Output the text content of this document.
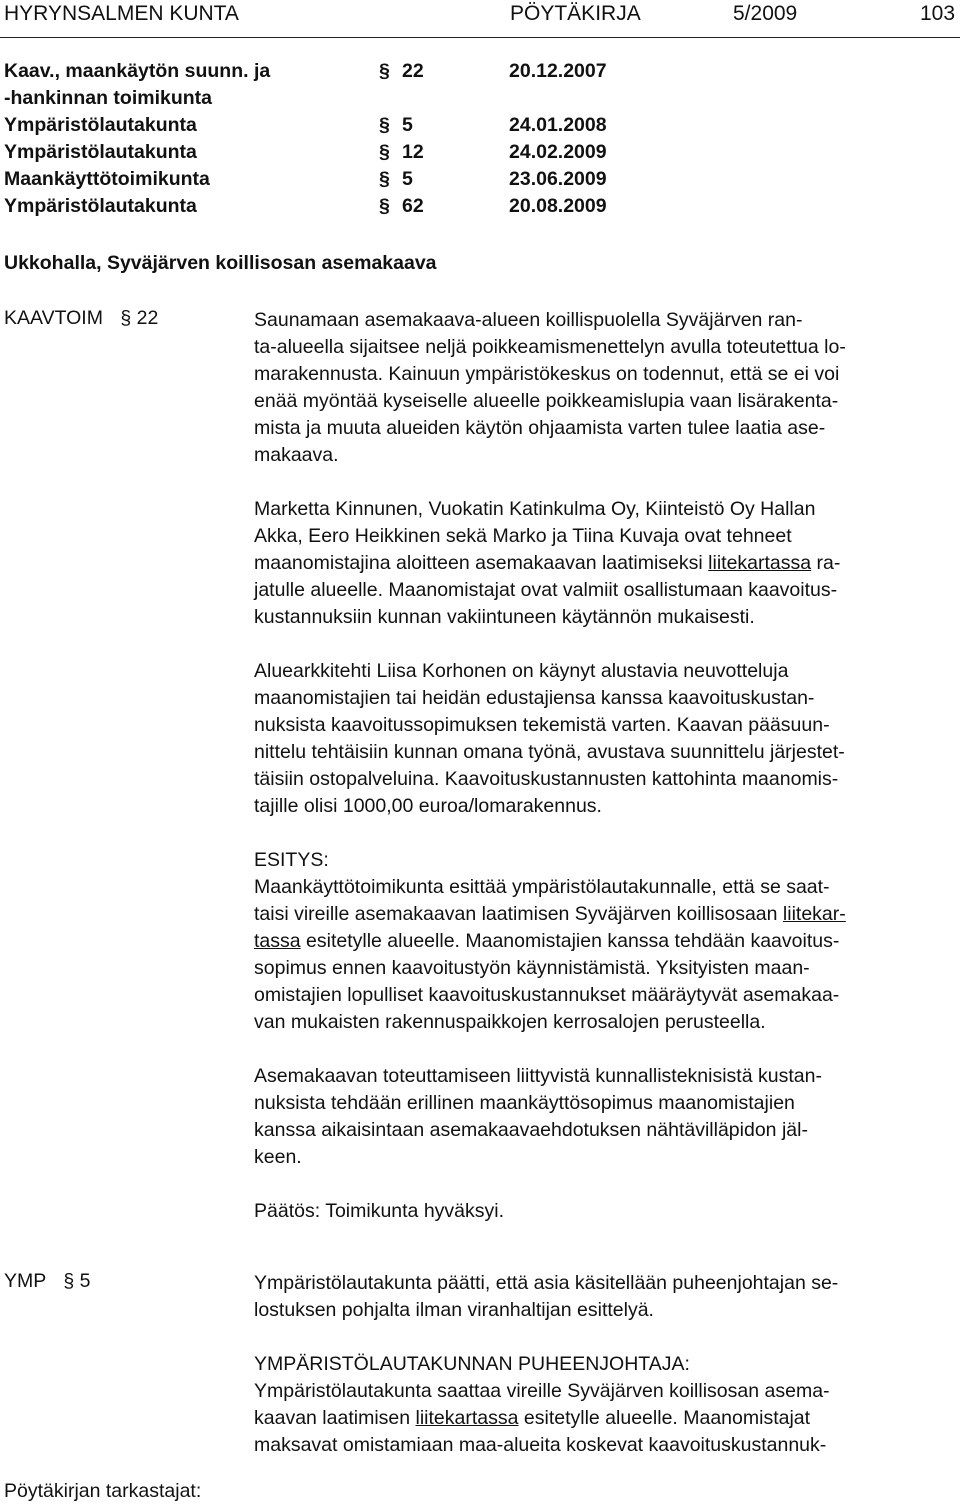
HYRYNSALMEN KUNTA	PÖYTÄKIRJA	5/2009	103
Kaav., maankäytön suunn. ja	§ 22	20.12.2007
-hankinnan toimikunta
Ympäristölautakunta	§ 5	24.01.2008
Ympäristölautakunta	§ 12	24.02.2009
Maankäyttötoimikunta	§ 5	23.06.2009
Ympäristölautakunta	§ 62	20.08.2009
Ukkohalla, Syväjärven koillisosan asemakaava
KAAVTOIM § 22	Saunamaan asemakaava-alueen koillispuolella Syväjärven ran-

ta-alueella sijaitsee neljä poikkeamismenettelyn avulla toteutettua lo-

marakennusta. Kainuun ympäristökeskus on todennut, että se ei voi

enää myöntää kyseiselle alueelle poikkeamislupia vaan lisärakenta-

mista ja muuta alueiden käytön ohjaamista varten tulee laatia ase-

makaava.

Marketta Kinnunen, Vuokatin Katinkulma Oy, Kiinteistö Oy Hallan

Akka, Eero Heikkinen sekä Marko ja Tiina Kuvaja ovat tehneet

maanomistajina aloitteen asemakaavan laatimiseksi liitekartassa ra-

jatulle alueelle. Maanomistajat ovat valmiit osallistumaan kaavoitus-

kustannuksiin kunnan vakiintuneen käytännön mukaisesti.

Aluearkkitehti Liisa Korhonen on käynyt alustavia neuvotteluja

maanomistajien tai heidän edustajiensa kanssa kaavoituskustan-

nuksista kaavoitussopimuksen tekemistä varten. Kaavan pääsuun-

nittelu tehtäisiin kunnan omana työnä, avustava suunnittelu järjestet-

täisiin ostopalveluina. Kaavoituskustannusten kattohinta maanomis-

tajille olisi 1000,00 euroa/lomarakennus.

ESITYS:

Maankäyttötoimikunta esittää ympäristölautakunnalle, että se saat-

taisi vireille asemakaavan laatimisen Syväjärven koillisosaan liitekar-

tassa esitetylle alueelle. Maanomistajien kanssa tehdään kaavoitus-

sopimus ennen kaavoitustyön käynnistämistä. Yksityisten maan-

omistajien lopulliset kaavoituskustannukset määräytyvät asemakaa-

van mukaisten rakennuspaikkojen kerrosalojen perusteella.

Asemakaavan toteuttamiseen liittyvistä kunnallisteknisistä kustan-

nuksista tehdään erillinen maankäyttösopimus maanomistajien

kanssa aikaisintaan asemakaavaehdotuksen nähtävilläpidon jäl-

keen.

Päätös: Toimikunta hyväksyi.

YMP § 5	Ympäristölautakunta päätti, että asia käsitellään puheenjohtajan se-

lostuksen pohjalta ilman viranhaltijan esittelyä.

YMPÄRISTÖLAUTAKUNNAN PUHEENJOHTAJA:

Ympäristölautakunta saattaa vireille Syväjärven koillisosan asema-

kaavan laatimisen liitekartassa esitetylle alueelle. Maanomistajat

maksavat omistamiaan maa-alueita koskevat kaavoituskustannuk-

Pöytäkirjan tarkastajat:
